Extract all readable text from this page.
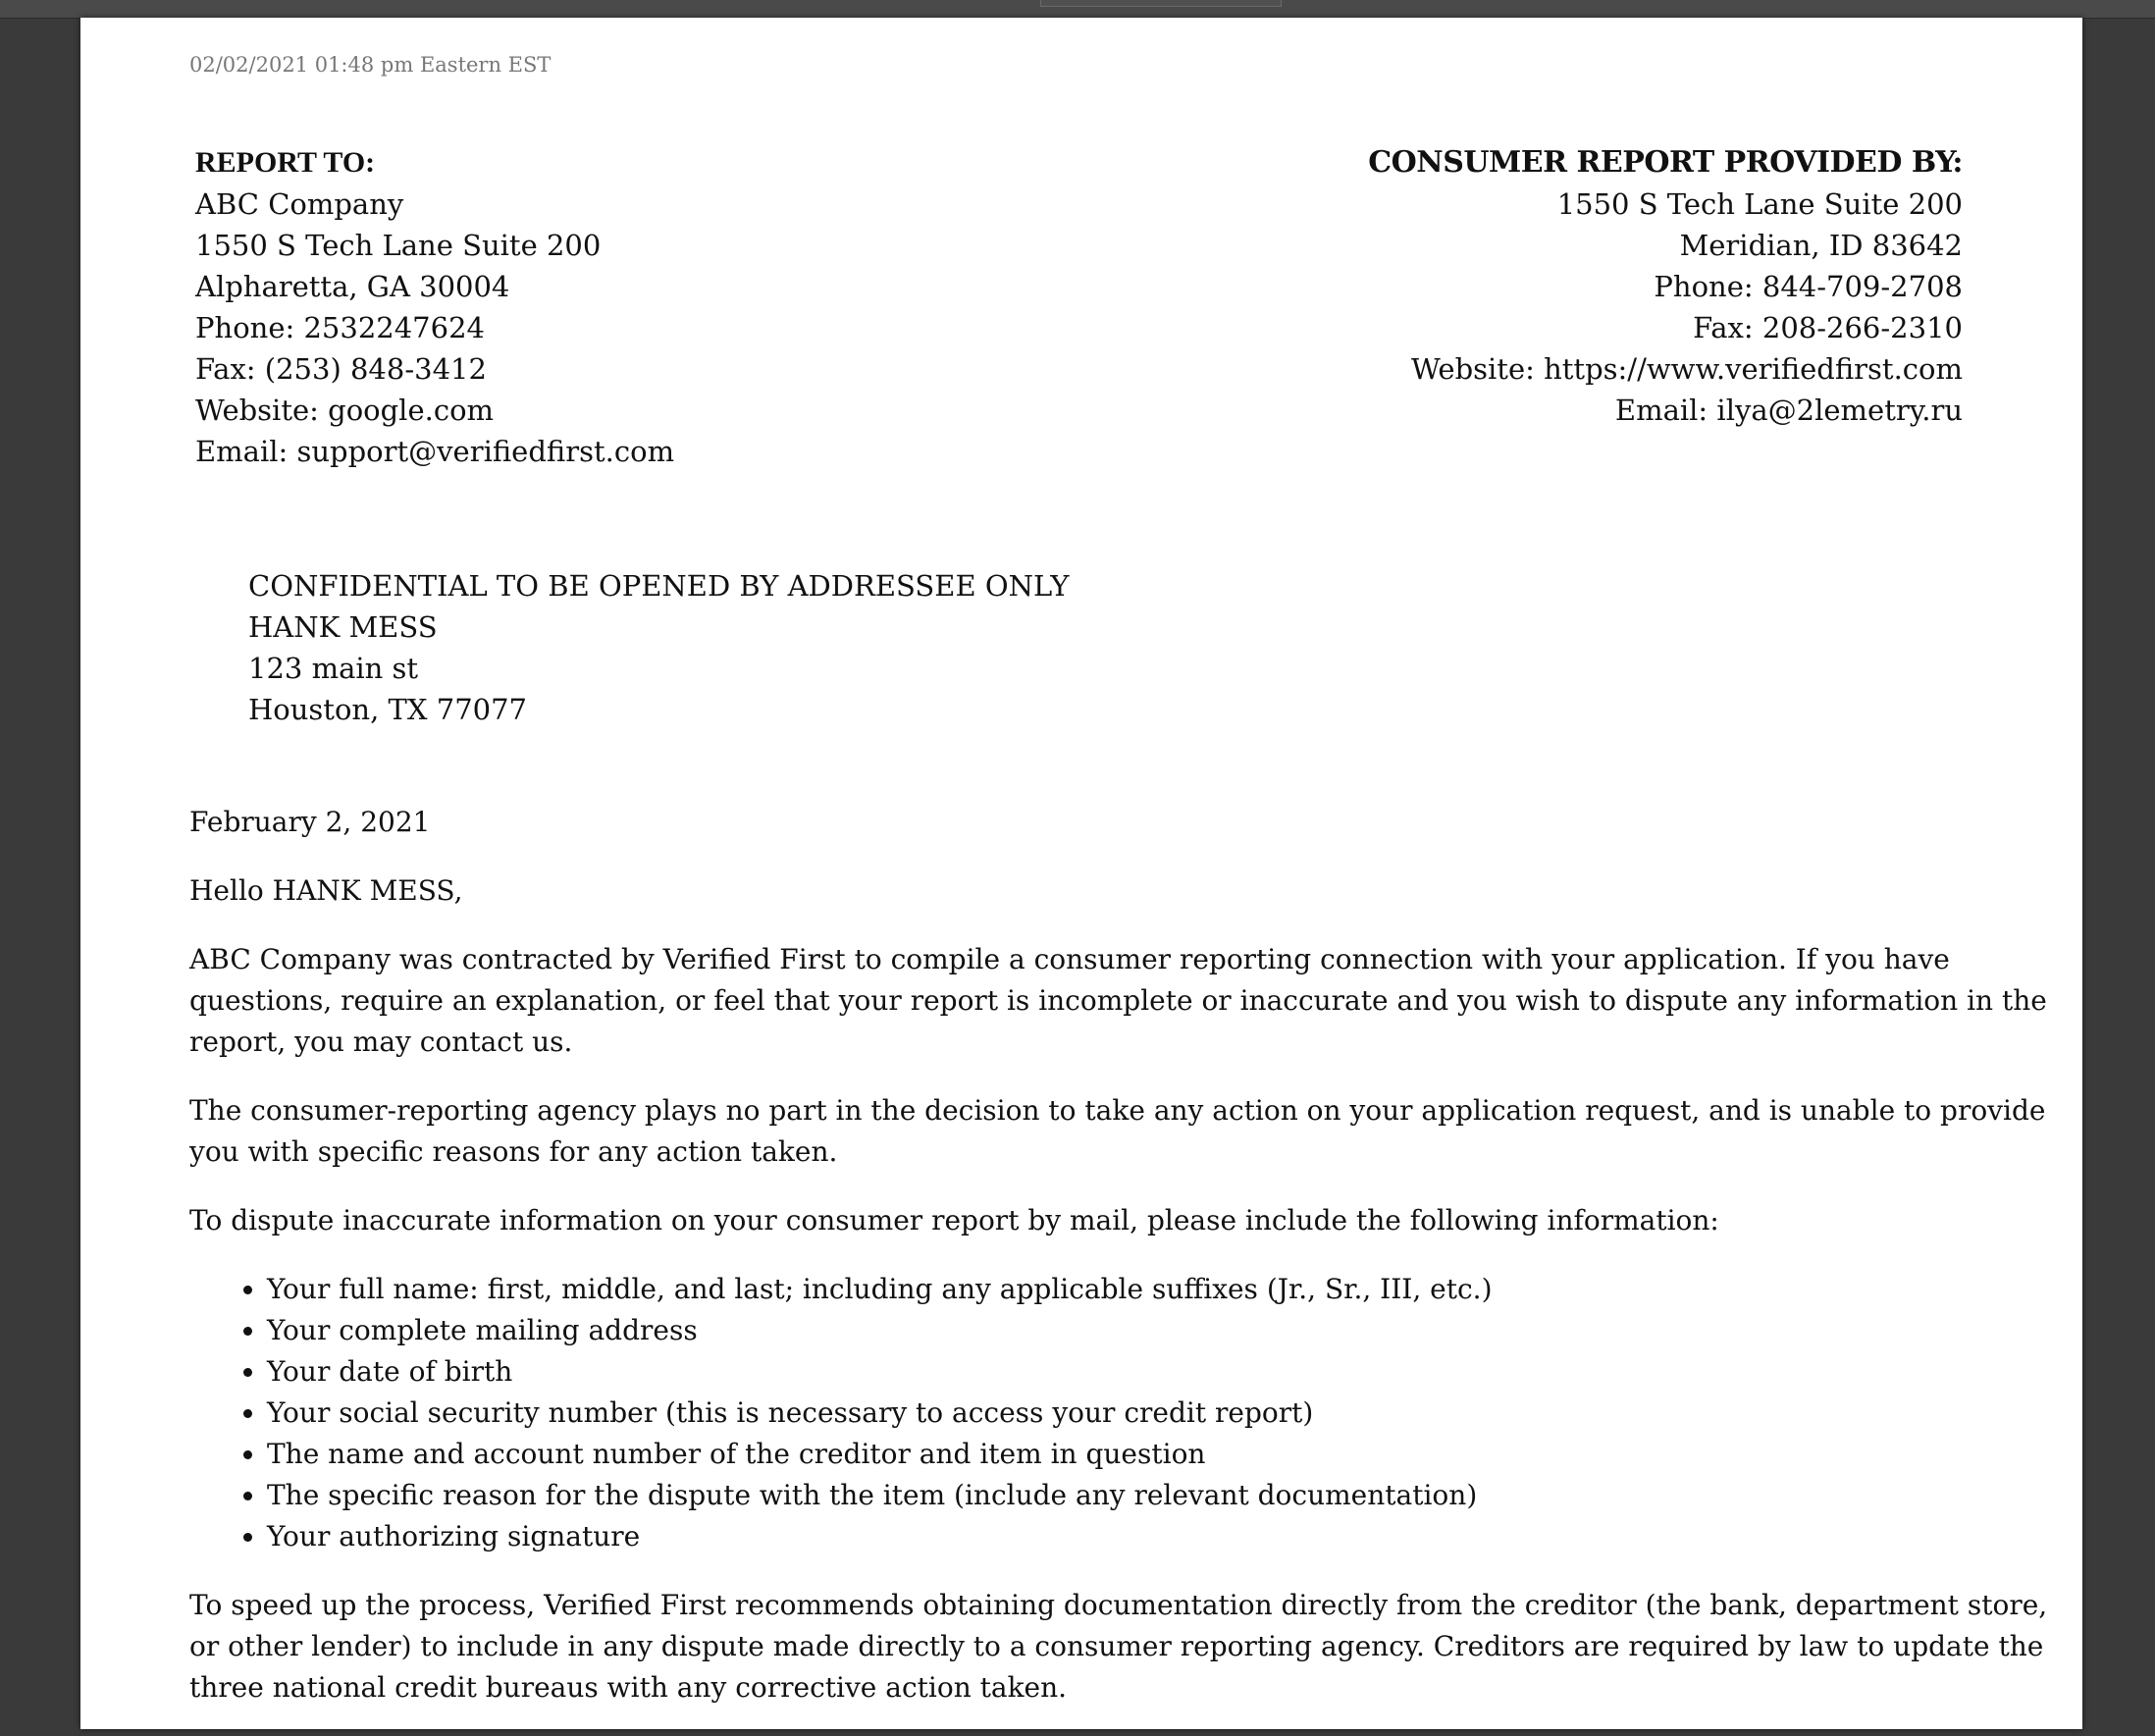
02/02/2021 01:48 pm Eastern EST
REPORT TO:
ABC Company
1550 S Tech Lane Suite 200
Alpharetta, GA 30004
Phone: 2532247624
Fax: (253) 848-3412
Website: google.com
Email: support@verifiedfirst.com
CONSUMER REPORT PROVIDED BY:
1550 S Tech Lane Suite 200
Meridian, ID 83642
Phone: 844-709-2708
Fax: 208-266-2310
Website: https://www.verifiedfirst.com
Email: ilya@2lemetry.ru
CONFIDENTIAL TO BE OPENED BY ADDRESSEE ONLY
HANK MESS
123 main st
Houston, TX 77077

February 2, 2021

Hello HANK MESS,

ABC Company was contracted by Verified First to compile a consumer reporting connection with your application. If you have questions, require an explanation, or feel that your report is incomplete or inaccurate and you wish to dispute any information in the report, you may contact us.

The consumer-reporting agency plays no part in the decision to take any action on your application request, and is unable to provide you with specific reasons for any action taken.

To dispute inaccurate information on your consumer report by mail, please include the following information:

• Your full name: first, middle, and last; including any applicable suffixes (Jr., Sr., III, etc.)
• Your complete mailing address
• Your date of birth
• Your social security number (this is necessary to access your credit report)
• The name and account number of the creditor and item in question
• The specific reason for the dispute with the item (include any relevant documentation)
• Your authorizing signature

To speed up the process, Verified First recommends obtaining documentation directly from the creditor (the bank, department store, or other lender) to include in any dispute made directly to a consumer reporting agency. Creditors are required by law to update the three national credit bureaus with any corrective action taken.
